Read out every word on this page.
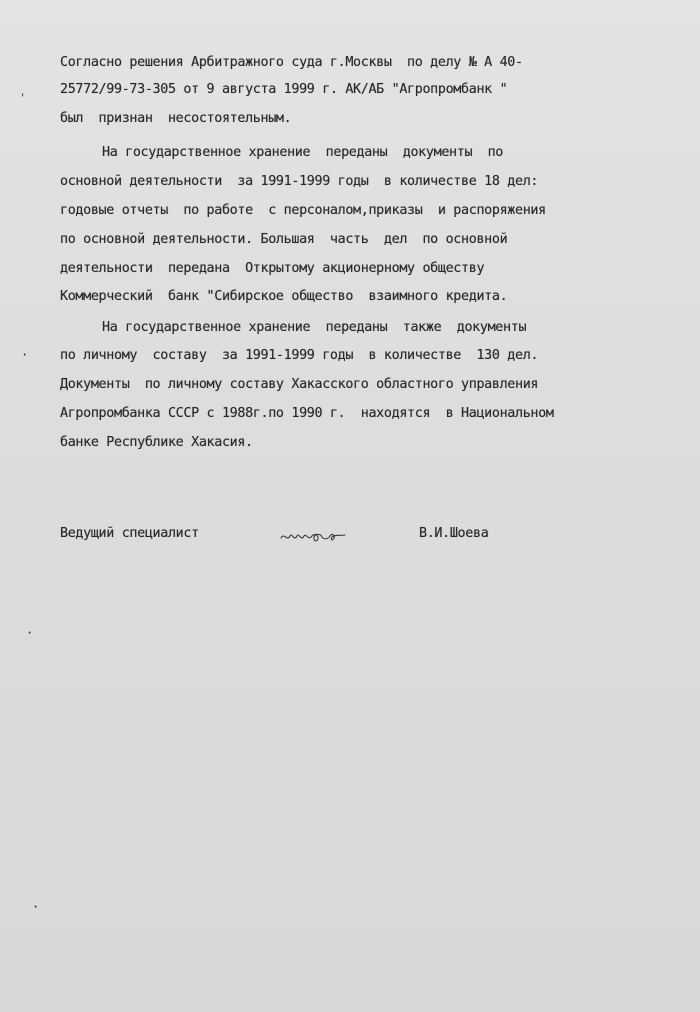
Согласно решения Арбитражного суда г.Москвы  по делу № А 40-
25772/99-73-305 от 9 августа 1999 г. АК/АБ "Агропромбанк "
был  признан  несостоятельным.
На государственное хранение  переданы  документы  по
основной деятельности  за 1991-1999 годы  в количестве 18 дел:
годовые отчеты  по работе  с персоналом,приказы  и распоряжения
по основной деятельности. Большая  часть  дел  по основной
деятельности  передана  Открытому акционерному обществу
Коммерческий  банк "Сибирское общество  взаимного кредита.
На государственное хранение  переданы  также  документы
по личному  составу  за 1991-1999 годы  в количестве  130 дел.
Документы  по личному составу Хакасского областного управления
Агропромбанка СССР с 1988г.по 1990 г.  находятся  в Национальном
банке Республике Хакасия.
Ведущий специалист	В.И.Шоева
ˌ
·
·
·
